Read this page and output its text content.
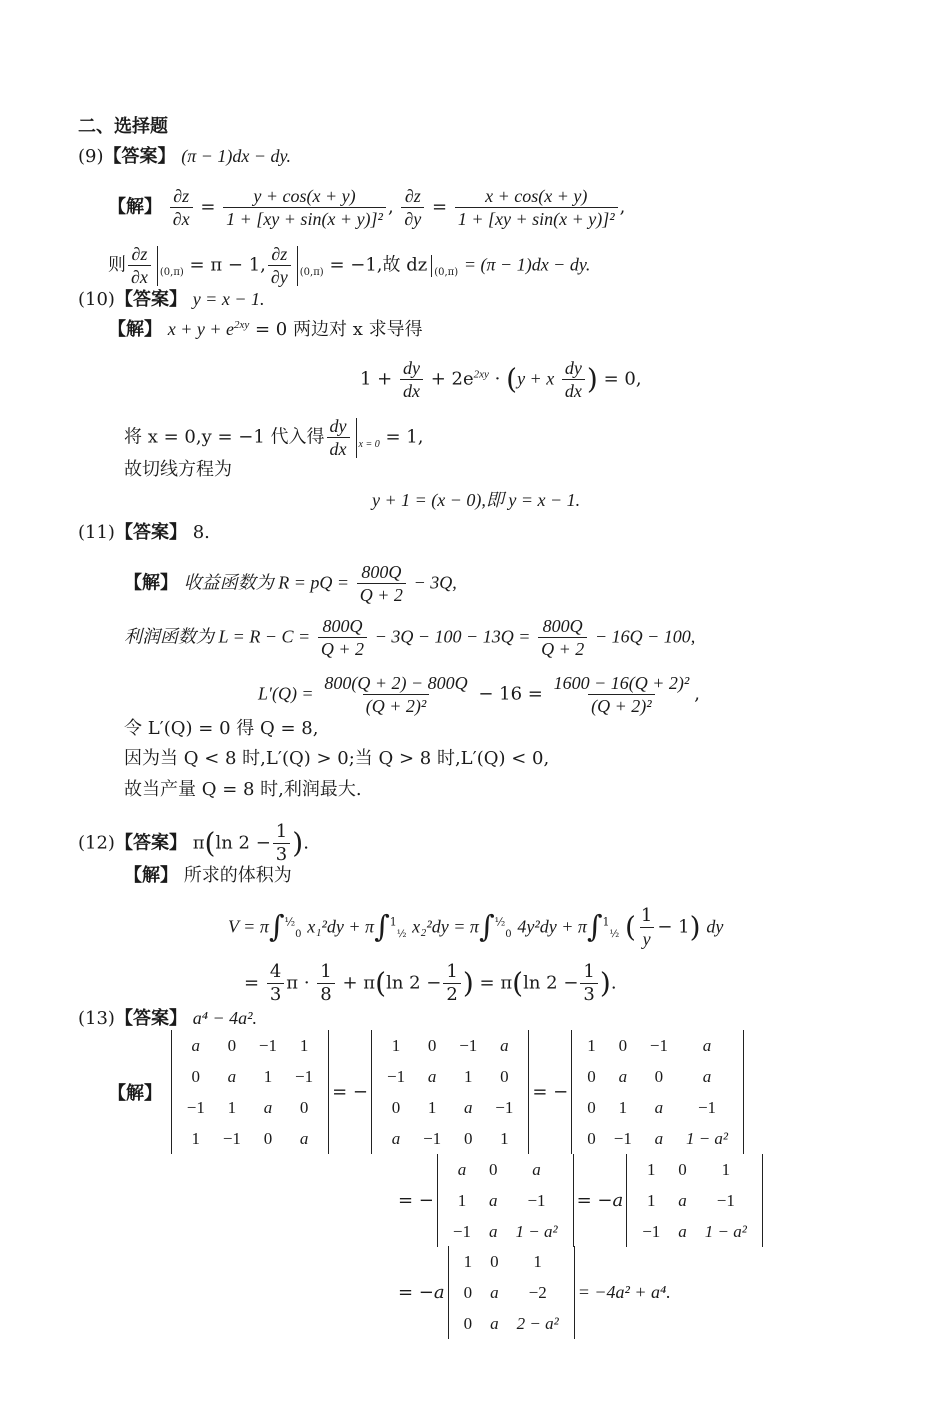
二、选择题
(9)【答案】 (π − 1)dx − dy.
【解】 $\frac{\partial z}{\partial x} = \frac{y + \cos(x + y)}{\text{1 + [xy + sin(x + y)]²}}$ , $\frac{\partial z}{\partial y} = \frac{x + \cos(x + y)}{\text{1 + [xy + sin(x + y)]²}}$ ,
则 $\frac{\partial z}{\partial x} _{(0,\pi)} = \pi - 1$, $\frac{\partial z}{\partial y} _{(0,\pi)} = -1$,故 dz $_{(0,\pi)}$ = (π − 1)dx − dy.
(10)【答案】 y = x − 1.
【解】 $x + y + e^{2xy} = 0$ 两边对 x 求导得
$1 + \frac{dy}{dx} + 2e^{2xy} \cdot (y + x \frac{dy}{dx}$ ) = 0,
将 x = 0,y = −1 代入得 $\frac{dy}{dx} _{x = 0} = 1$,
故切线方程为
y + 1 = (x − 0),即 y = x − 1.
(11)【答案】 8.
【解】 收益函数为 R = pQ = $\frac{800Q}{Q + 2} - 3Q$,
利润函数为 $L = R - C = \frac{800Q}{Q + 2} - 3Q - 100 - 13Q = \frac{800Q}{Q + 2} - 16Q - 100$,
$L'(Q) = \frac{800(Q + 2) - 800Q}{\text{(Q + 2)²}} - 16 = \frac{\text{1600 − 16(Q + 2)²}}{\text{(Q + 2)²}}$ ,
令 L′(Q) = 0 得 Q = 8,
因为当 Q < 8 时,L′(Q) > 0;当 Q > 8 时,L′(Q) < 0,
故当产量 Q = 8 时,利润最大.
(12)【答案】 π(ln $2 - \frac{1}{3}$ ).
【解】 所求的体积为
V = π∫$^{\frac{1}{2}}_0$ x₁²dy + π∫$^1_{\frac{1}{2}}$ x₂²dy = π∫$^{\frac{1}{2}}_0$ 4y²dy + π∫$^1_{\frac{1}{2}}$ ( $\frac{1}{y} - 1$) dy
= $\frac{4}{3}$ $\pi \cdot \frac{1}{8} + \pi(\ln$ $2 - \frac{1}{2}$ ) = π(ln $2 - \frac{1}{3}$ ).
(13)【答案】 a⁴ − 4a².
【解】
a	0	−1	1
0	a	1	−1
−1	1	a	0
1	−1	0	a
= −
1	0	−1	a
−1	a	1	0
0	1	a	−1
a	−1	0	1
= −
1	0	−1	a
0	a	0	a
0	1	a	−1
0	−1	a	1 − a²
= −
a	0	a
1	a	−1
−1	a	1 − a²
= −a
1	0	1
1	a	−1
−1	a	1 − a²
= −a
1	0	1
0	a	−2
0	a	2 − a²
= −4a² + a⁴.
